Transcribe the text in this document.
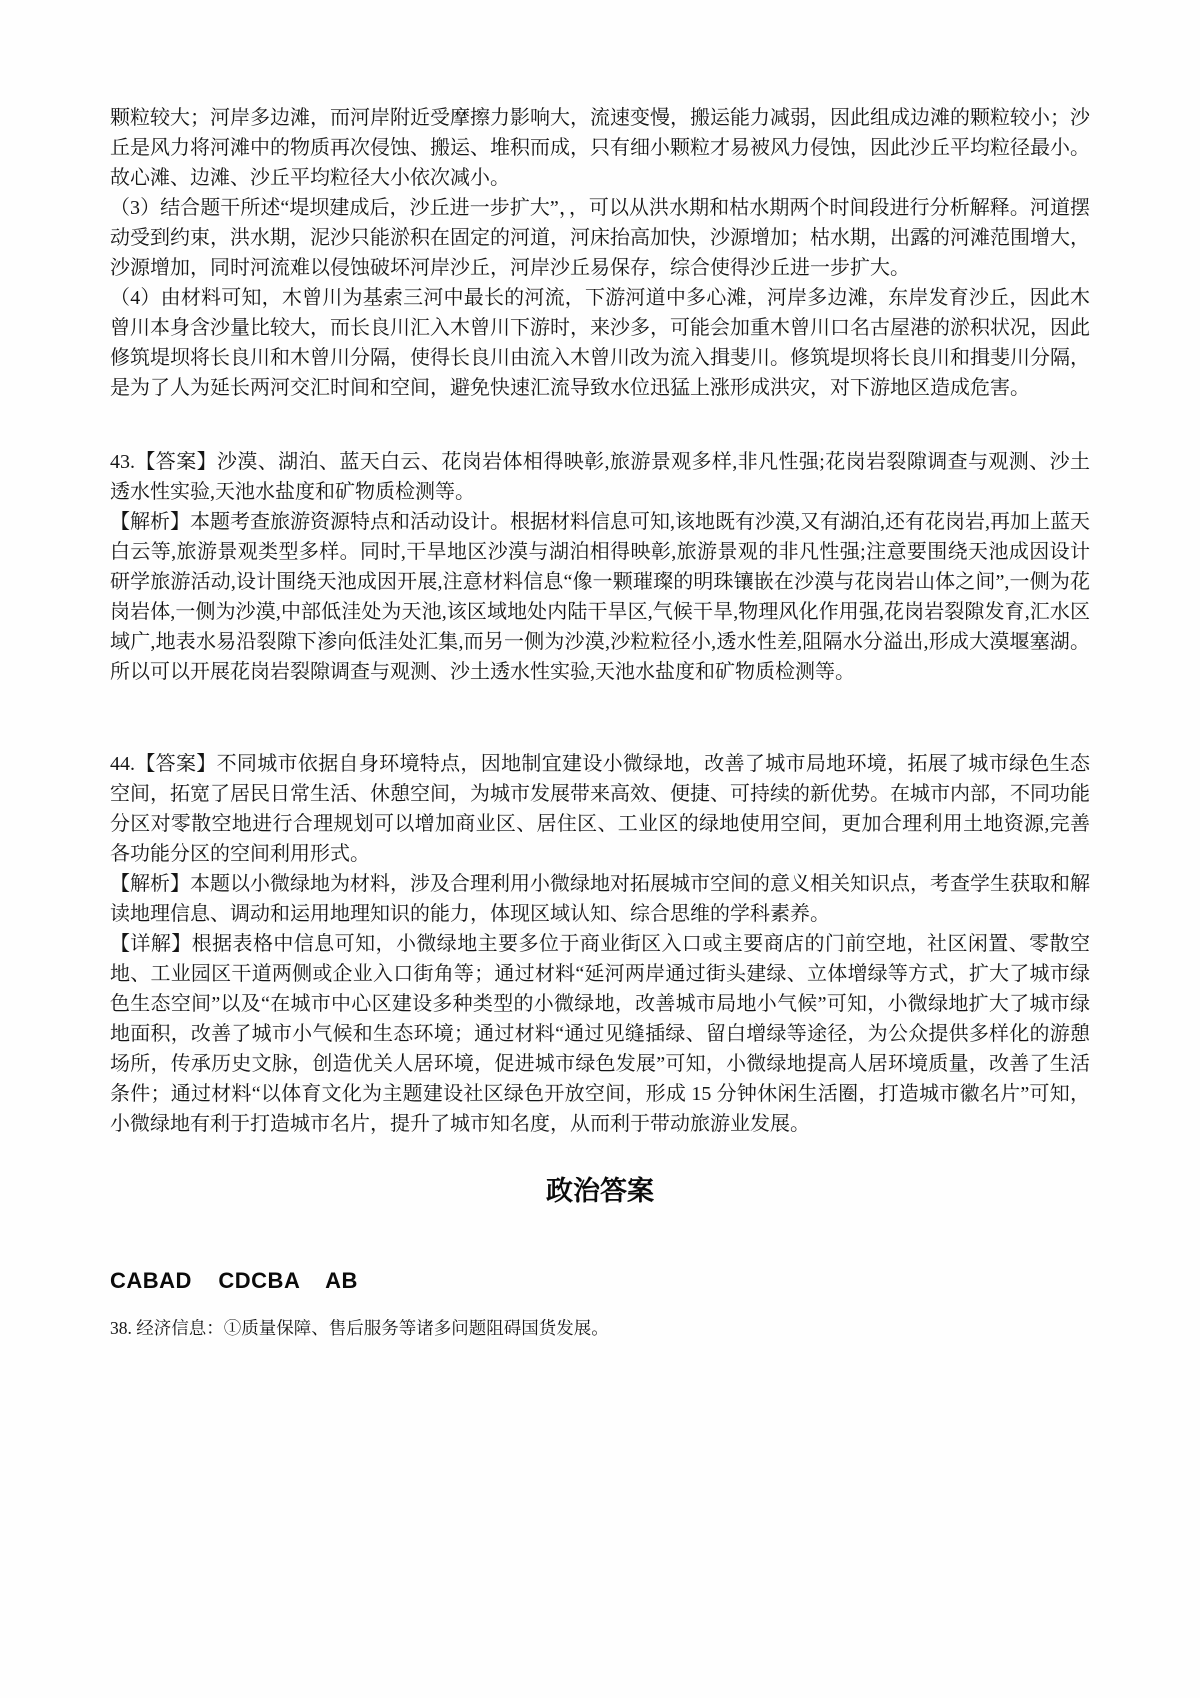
颗粒较大；河岸多边滩，而河岸附近受摩擦力影响大，流速变慢，搬运能力减弱，因此组成边滩的颗粒较小；沙丘是风力将河滩中的物质再次侵蚀、搬运、堆积而成，只有细小颗粒才易被风力侵蚀，因此沙丘平均粒径最小。故心滩、边滩、沙丘平均粒径大小依次减小。

（3）结合题干所述“堤坝建成后，沙丘进一步扩大”，，可以从洪水期和枯水期两个时间段进行分析解释。河道摆动受到约束，洪水期，泥沙只能淤积在固定的河道，河床抬高加快，沙源增加；枯水期，出露的河滩范围增大，沙源增加，同时河流难以侵蚀破坏河岸沙丘，河岸沙丘易保存，综合使得沙丘进一步扩大。

（4）由材料可知，木曾川为基索三河中最长的河流，下游河道中多心滩，河岸多边滩，东岸发育沙丘，因此木曾川本身含沙量比较大，而长良川汇入木曾川下游时，来沙多，可能会加重木曾川口名古屋港的淤积状况，因此修筑堤坝将长良川和木曾川分隔，使得长良川由流入木曾川改为流入揖斐川。修筑堤坝将长良川和揖斐川分隔，是为了人为延长两河交汇时间和空间，避免快速汇流导致水位迅猛上涨形成洪灾，对下游地区造成危害。

43.【答案】沙漠、湖泊、蓝天白云、花岗岩体相得映彰,旅游景观多样,非凡性强;花岗岩裂隙调查与观测、沙土透水性实验,天池水盐度和矿物质检测等。

【解析】本题考查旅游资源特点和活动设计。根据材料信息可知,该地既有沙漠,又有湖泊,还有花岗岩,再加上蓝天白云等,旅游景观类型多样。同时,干旱地区沙漠与湖泊相得映彰,旅游景观的非凡性强;注意要围绕天池成因设计研学旅游活动,设计围绕天池成因开展,注意材料信息“像一颗璀璨的明珠镶嵌在沙漠与花岗岩山体之间”,一侧为花岗岩体,一侧为沙漠,中部低洼处为天池,该区域地处内陆干旱区,气候干旱,物理风化作用强,花岗岩裂隙发育,汇水区域广,地表水易沿裂隙下渗向低洼处汇集,而另一侧为沙漠,沙粒粒径小,透水性差,阻隔水分溢出,形成大漠堰塞湖。所以可以开展花岗岩裂隙调查与观测、沙土透水性实验,天池水盐度和矿物质检测等。

44.【答案】不同城市依据自身环境特点，因地制宜建设小微绿地，改善了城市局地环境，拓展了城市绿色生态空间，拓宽了居民日常生活、休憩空间，为城市发展带来高效、便捷、可持续的新优势。在城市内部，不同功能分区对零散空地进行合理规划可以增加商业区、居住区、工业区的绿地使用空间，更加合理利用土地资源,完善各功能分区的空间利用形式。

【解析】本题以小微绿地为材料，涉及合理利用小微绿地对拓展城市空间的意义相关知识点，考查学生获取和解读地理信息、调动和运用地理知识的能力，体现区域认知、综合思维的学科素养。

【详解】根据表格中信息可知，小微绿地主要多位于商业街区入口或主要商店的门前空地，社区闲置、零散空地、工业园区干道两侧或企业入口街角等；通过材料“延河两岸通过街头建绿、立体增绿等方式，扩大了城市绿色生态空间”以及“在城市中心区建设多种类型的小微绿地，改善城市局地小气候”可知，小微绿地扩大了城市绿地面积，改善了城市小气候和生态环境；通过材料“通过见缝插绿、留白增绿等途径，为公众提供多样化的游憩场所，传承历史文脉，创造优关人居环境，促进城市绿色发展”可知，小微绿地提高人居环境质量，改善了生活条件；通过材料“以体育文化为主题建设社区绿色开放空间，形成 15 分钟休闲生活圈，打造城市徽名片”可知，小微绿地有利于打造城市名片，提升了城市知名度，从而利于带动旅游业发展。

政治答案

CABAD    CDCBA    AB

38. 经济信息：①质量保障、售后服务等诸多问题阻碍国货发展。
